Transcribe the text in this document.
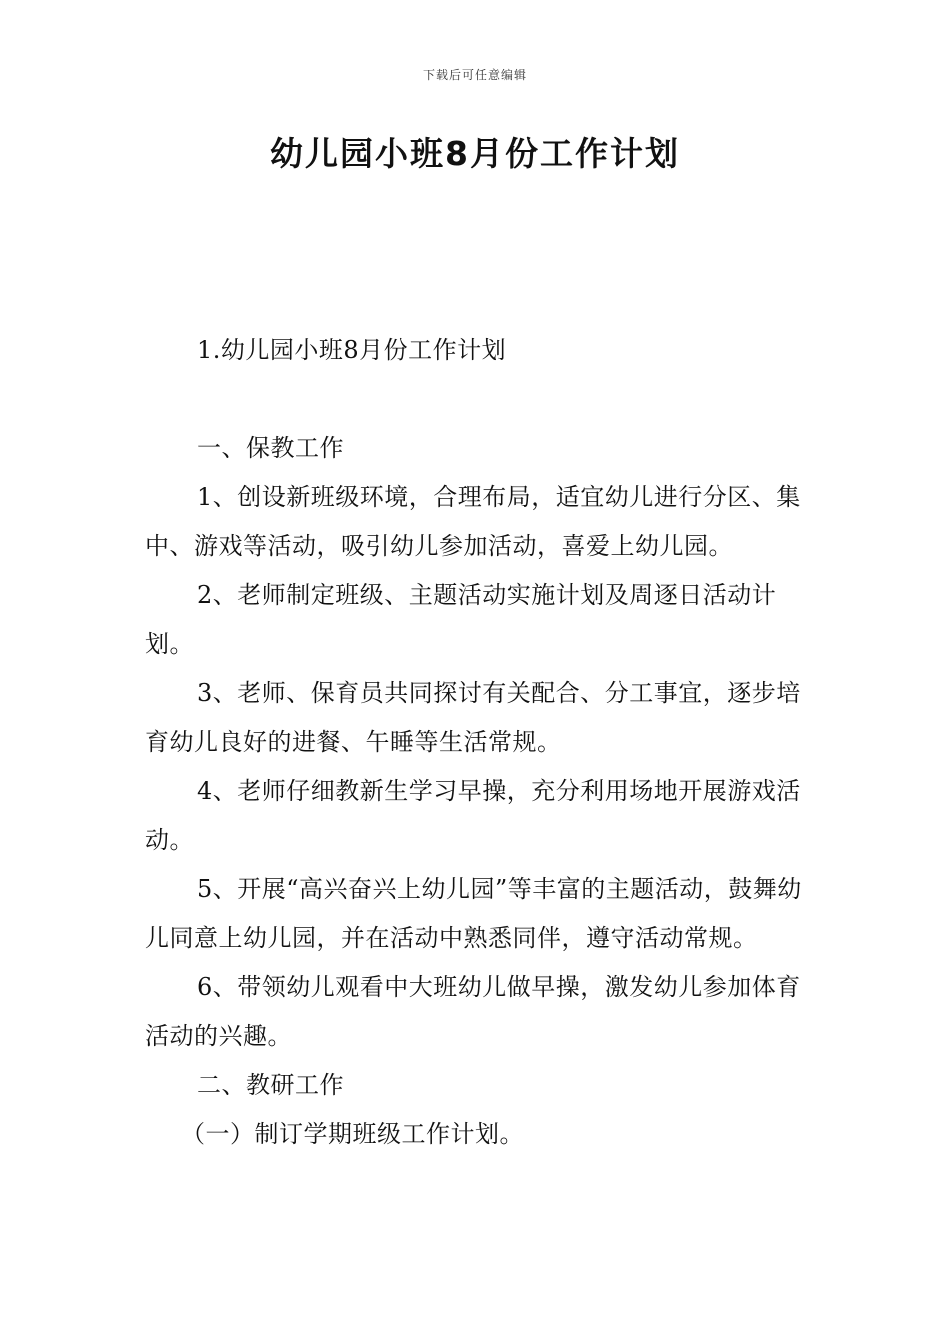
下载后可任意编辑
幼儿园小班8月份工作计划

1.幼儿园小班8月份工作计划

一、保教工作

1、创设新班级环境，合理布局，适宜幼儿进行分区、集中、游戏等活动，吸引幼儿参加活动，喜爱上幼儿园。

2、老师制定班级、主题活动实施计划及周逐日活动计划。

3、老师、保育员共同探讨有关配合、分工事宜，逐步培育幼儿良好的进餐、午睡等生活常规。

4、老师仔细教新生学习早操，充分利用场地开展游戏活动。

5、开展“高兴奋兴上幼儿园”等丰富的主题活动，鼓舞幼儿同意上幼儿园，并在活动中熟悉同伴，遵守活动常规。

6、带领幼儿观看中大班幼儿做早操，激发幼儿参加体育活动的兴趣。

二、教研工作

（一）制订学期班级工作计划。
